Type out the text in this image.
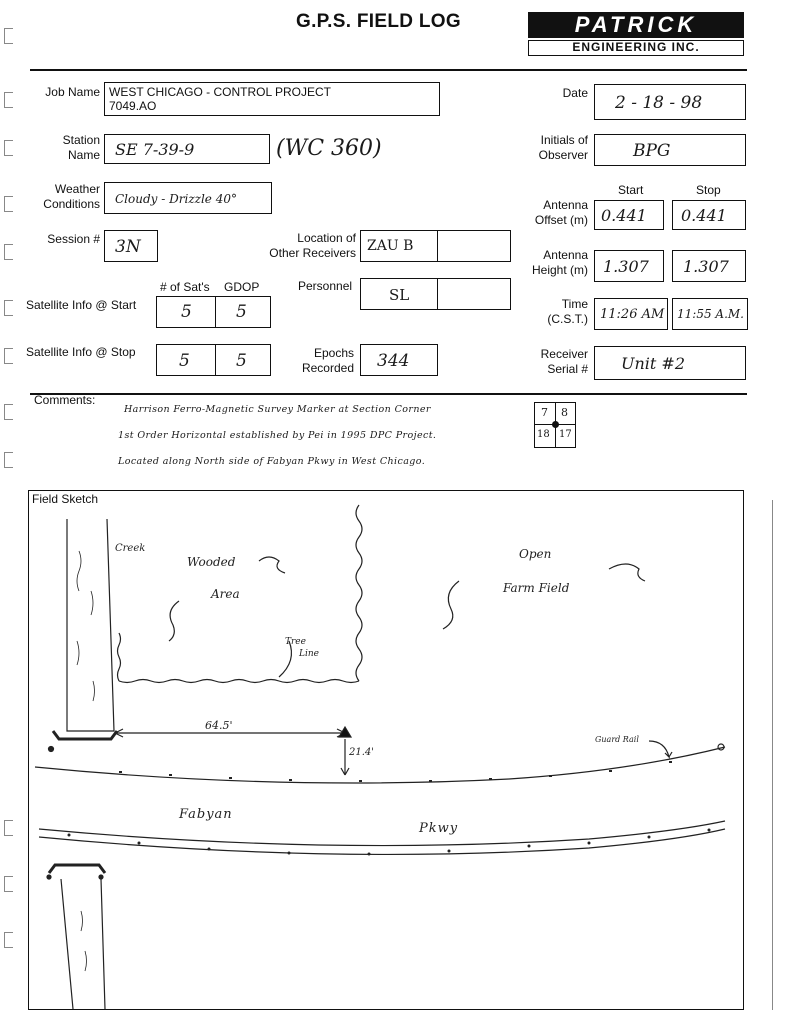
G.P.S. FIELD LOG	PATRICK
ENGINEERING INC.
Job Name WEST CHICAGO - CONTROL PROJECT
7049.AO
Date 2 - 18 - 98
Station
Name SE 7-39-9	(WC 360)	Initials of
Observer	BPG
Weather
Conditions Cloudy - Drizzle 40°
Start	Stop
Antenna
Offset (m) 0.441 0.441
Session # 3N	Location of
Other Receivers ZAU B
Antenna
Height (m) 1.307 1.307
# of Sat's GDOP
Satellite Info @ Start	5	5
Personnel SL	Time
(C.S.T.) 11:26 AM 11:55 A.M.
Satellite Info @ Stop	5	5	Epochs
Recorded 344	Receiver
Serial # Unit #2
Comments:
Harrison Ferro-Magnetic Survey Marker at Section Corner
1st Order Horizontal established by Pei in 1995 DPC Project.
Located along North side of Fabyan Pkwy in West Chicago.
7 8
18 17
Field Sketch
Creek
Wooded
Area
Open
Farm Field
Tree
Line
64.5'
21.4'
Guard Rail
Fabyan
Pkwy
